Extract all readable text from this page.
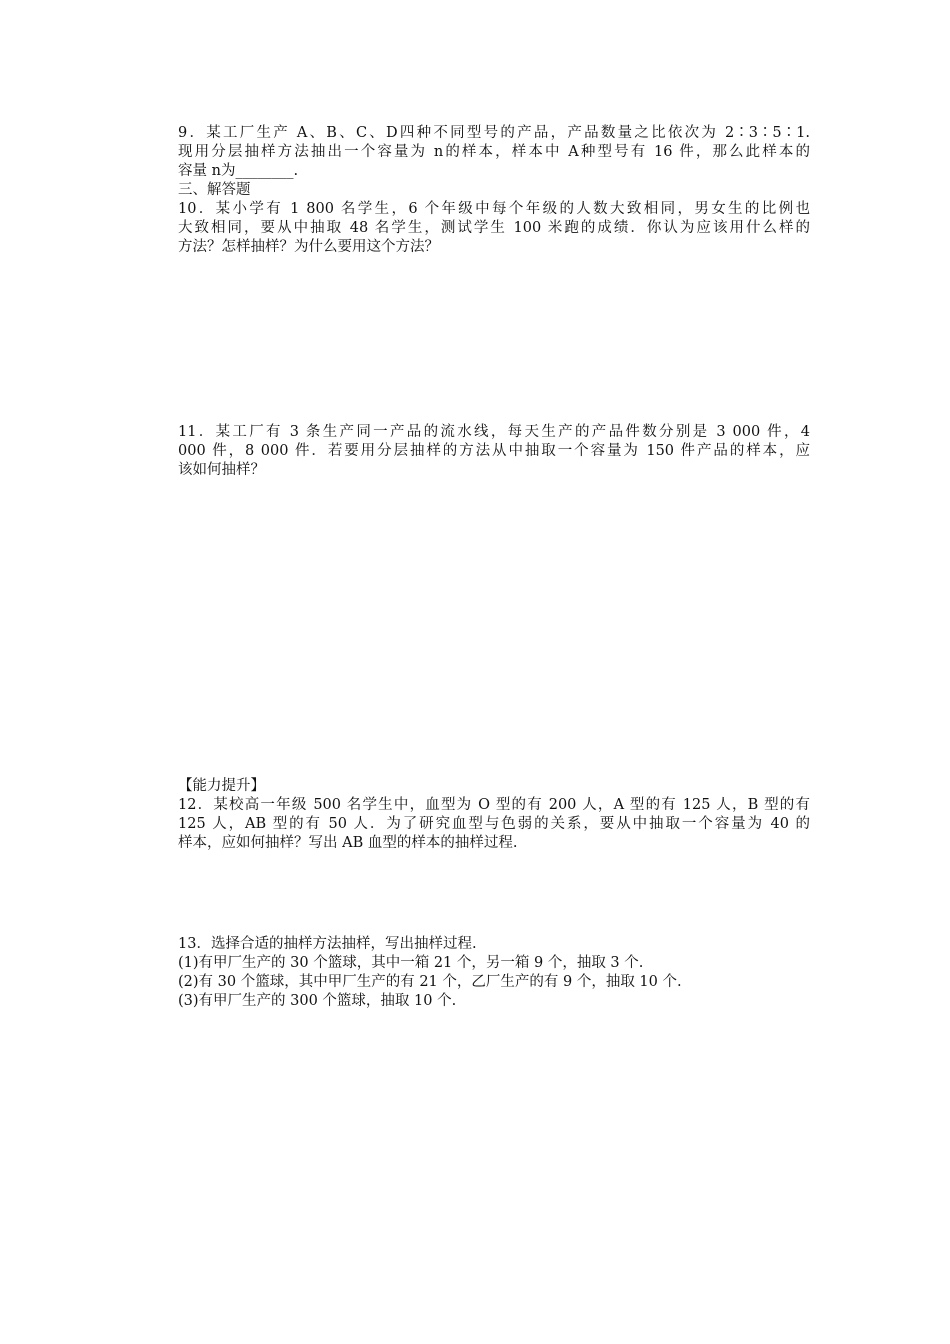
9．某工厂生产 A、B、C、D四种不同型号的产品，产品数量之比依次为 2∶3∶5∶1.
现用分层抽样方法抽出一个容量为 n的样本，样本中 A种型号有 16 件，那么此样本的
容量 n为________.
三、解答题
10．某小学有 1 800 名学生，6 个年级中每个年级的人数大致相同，男女生的比例也
大致相同，要从中抽取 48 名学生，测试学生 100 米跑的成绩．你认为应该用什么样的
方法？怎样抽样？为什么要用这个方法？
11．某工厂有 3 条生产同一产品的流水线，每天生产的产品件数分别是 3 000 件，4
000 件，8 000 件．若要用分层抽样的方法从中抽取一个容量为 150 件产品的样本，应
该如何抽样？
【能力提升】
12．某校高一年级 500 名学生中，血型为 O 型的有 200 人，A 型的有 125 人，B 型的有
125 人，AB 型的有 50 人．为了研究血型与色弱的关系，要从中抽取一个容量为 40 的
样本，应如何抽样？写出 AB 血型的样本的抽样过程.
13．选择合适的抽样方法抽样，写出抽样过程.
(1)有甲厂生产的 30 个篮球，其中一箱 21 个，另一箱 9 个，抽取 3 个.
(2)有 30 个篮球，其中甲厂生产的有 21 个，乙厂生产的有 9 个，抽取 10 个.
(3)有甲厂生产的 300 个篮球，抽取 10 个.
